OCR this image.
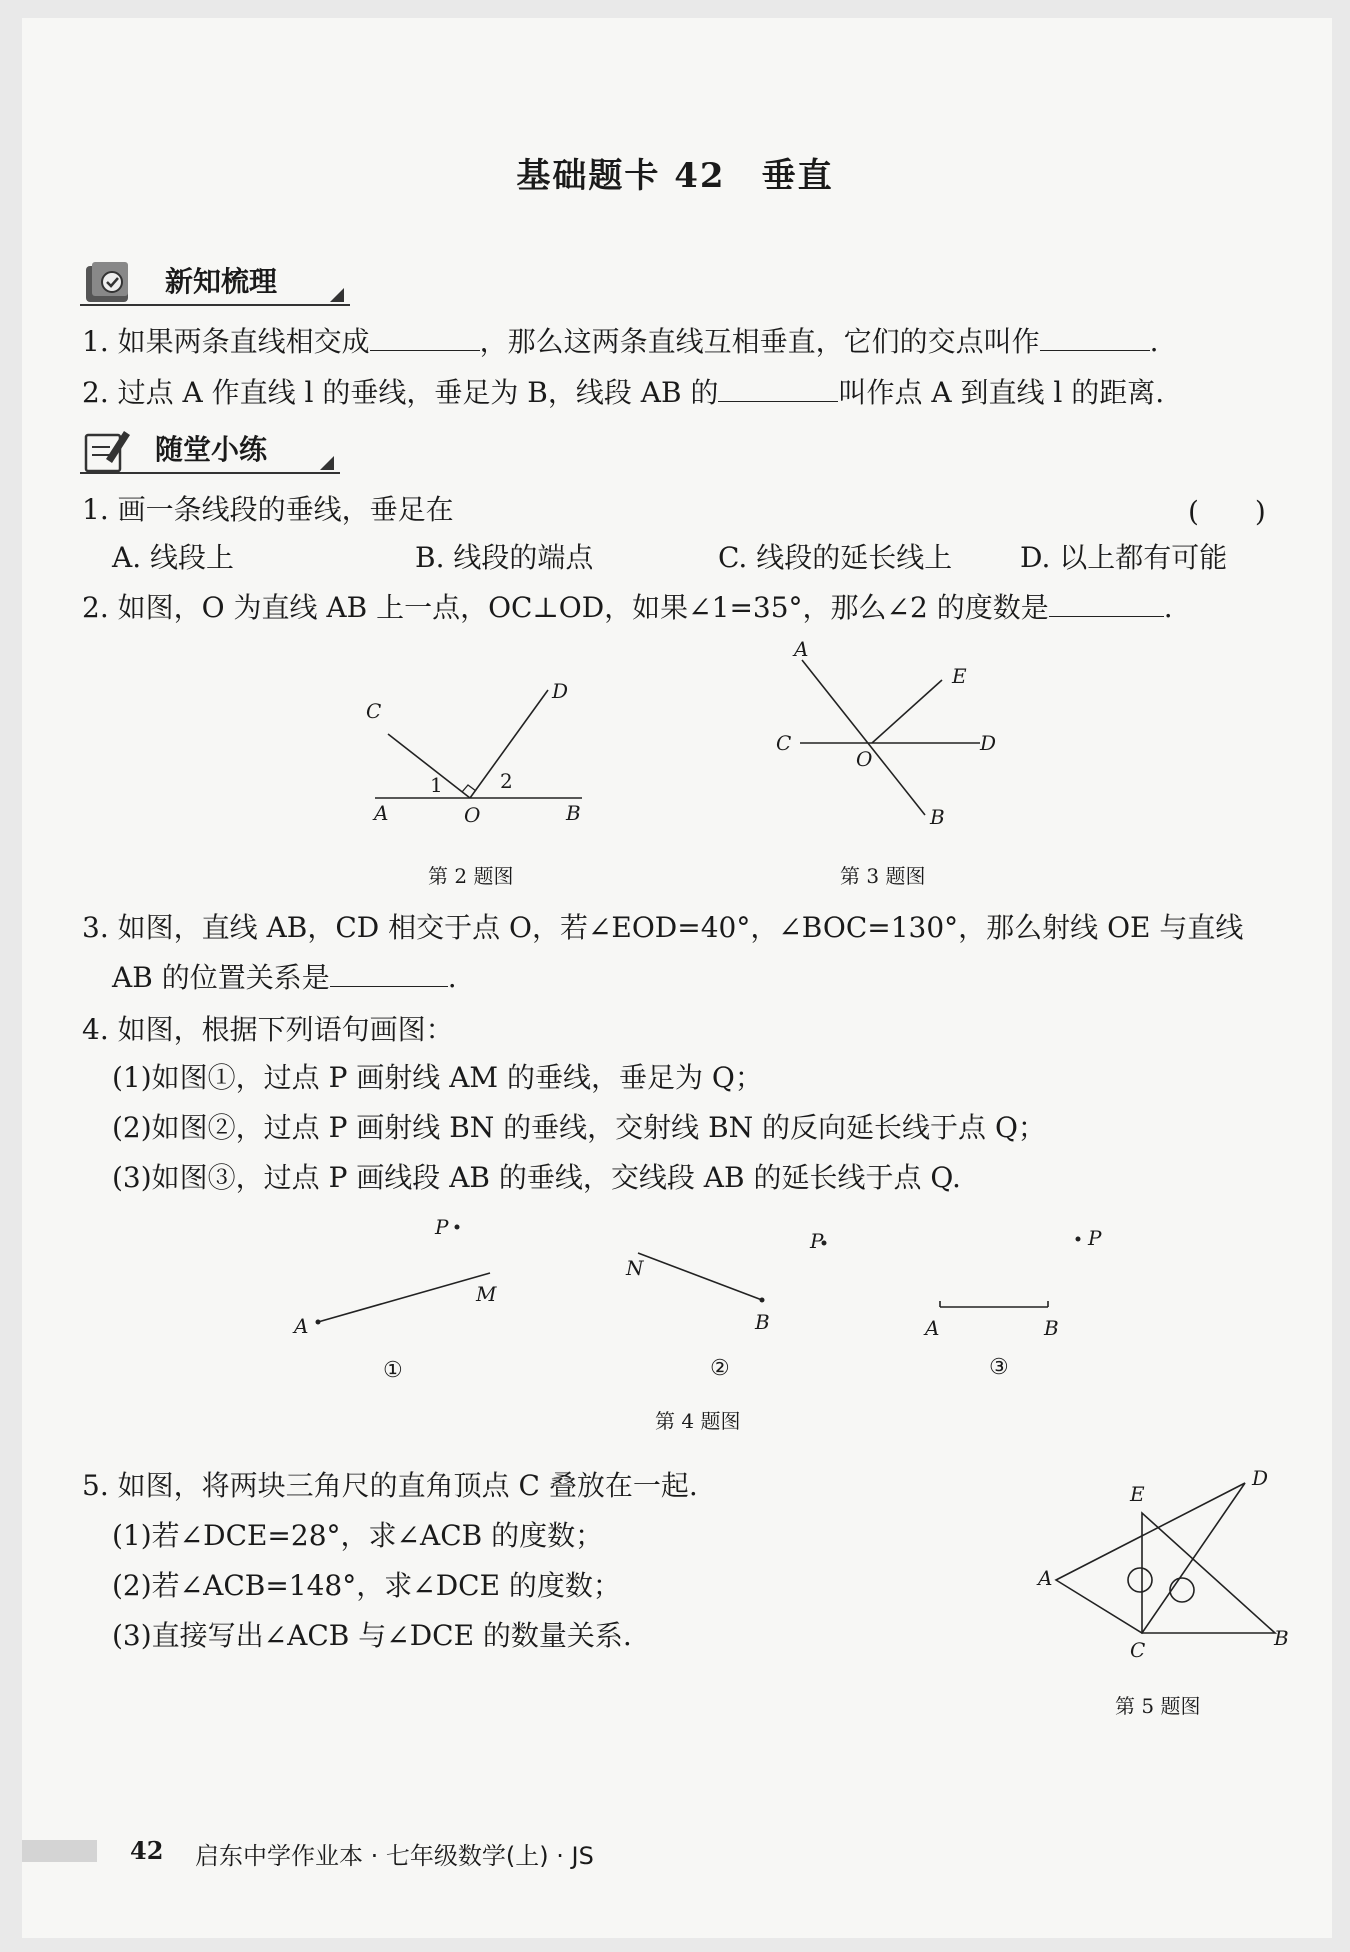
基础题卡 42　垂直
新知梳理
1. 如果两条直线相交成	，那么这两条直线互相垂直，它们的交点叫作	.
2. 过点 A 作直线 l 的垂线，垂足为 B，线段 AB 的	叫作点 A 到直线 l 的距离.
随堂小练
1. 画一条线段的垂线，垂足在	(　　)
A. 线段上	B. 线段的端点	C. 线段的延长线上 D. 以上都有可能
2. 如图，O 为直线 AB 上一点，OC⊥OD，如果∠1=35°，那么∠2 的度数是	.
C
D
A	O	B
1	2
第 2 题图
A
E
C
O
D
B
第 3 题图
3. 如图，直线 AB，CD 相交于点 O，若∠EOD=40°，∠BOC=130°，那么射线 OE 与直线
AB 的位置关系是	.
4. 如图，根据下列语句画图：
(1)如图①，过点 P 画射线 AM 的垂线，垂足为 Q；
(2)如图②，过点 P 画射线 BN 的垂线，交射线 BN 的反向延长线于点 Q；
(3)如图③，过点 P 画线段 AB 的垂线，交线段 AB 的延长线于点 Q.
P
M
A
N
B
P	P
A	B
①	②	③
第 4 题图
5. 如图，将两块三角尺的直角顶点 C 叠放在一起.
(1)若∠DCE=28°，求∠ACB 的度数；
(2)若∠ACB=148°，求∠DCE 的度数；
(3)直接写出∠ACB 与∠DCE 的数量关系.
E
D
A
C	B
第 5 题图
42 启东中学作业本 · 七年级数学(上) · JS
